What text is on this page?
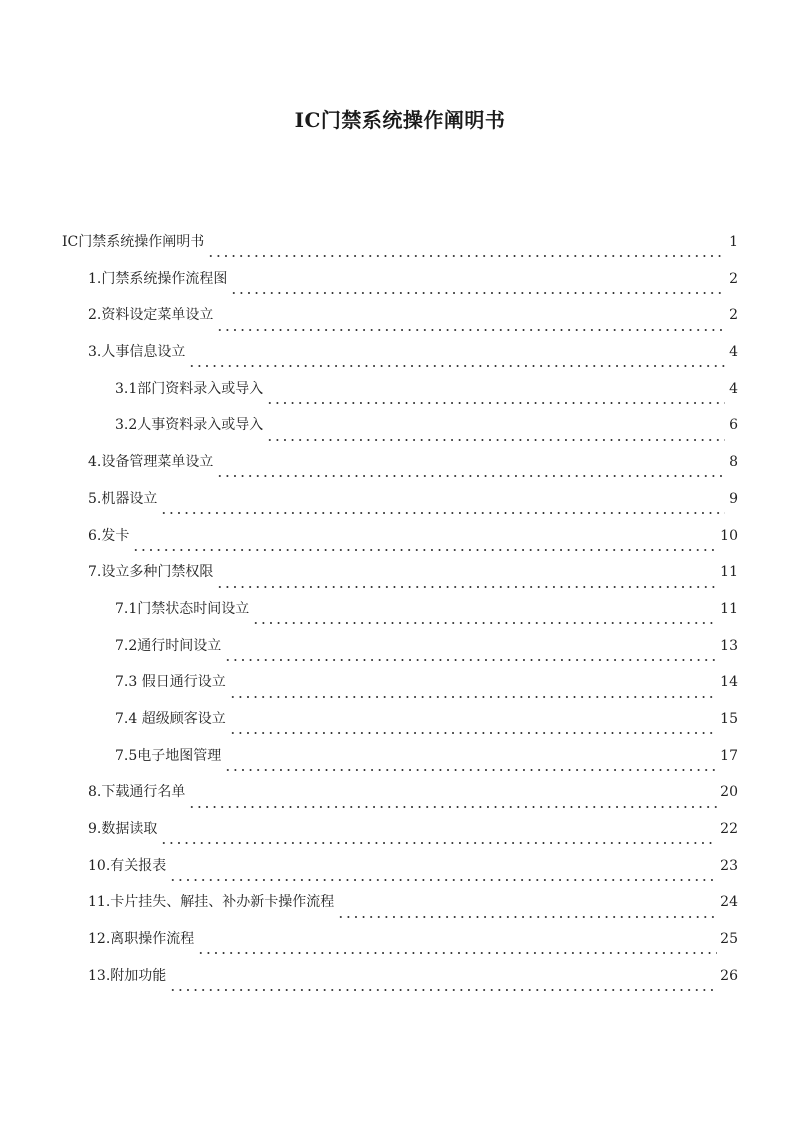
IC门禁系统操作阐明书
IC门禁系统操作阐明书	1
1.门禁系统操作流程图	2
2.资料设定菜单设立	2
3.人事信息设立	4
3.1部门资料录入或导入	4
3.2人事资料录入或导入	6
4.设备管理菜单设立	8
5.机器设立	9
6.发卡	10
7.设立多种门禁权限	11
7.1门禁状态时间设立	11
7.2通行时间设立	13
7.3 假日通行设立	14
7.4 超级顾客设立	15
7.5电子地图管理	17
8.下载通行名单	20
9.数据读取	22
10.有关报表	23
11.卡片挂失、解挂、补办新卡操作流程	24
12.离职操作流程	25
13.附加功能	26
